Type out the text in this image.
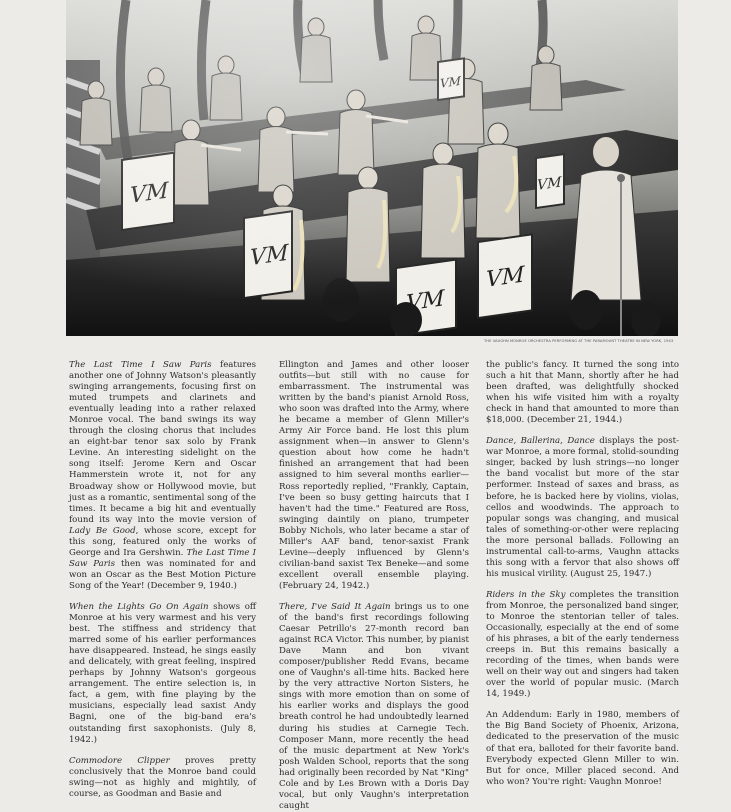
THE VAUGHN MONROE ORCHESTRA PERFORMING AT THE PARAMOUNT THEATRE IN NEW YORK, 1943

The Last Time I Saw Paris features another one of Johnny Watson's pleasantly swinging arrangements, focusing first on muted trumpets and clarinets and eventually leading into a rather relaxed Monroe vocal. The band swings its way through the closing chorus that includes an eight-bar tenor sax solo by Frank Levine. An interesting sidelight on the song itself: Jerome Kern and Oscar Hammerstein wrote it, not for any Broadway show or Hollywood movie, but just as a romantic, sentimental song of the times. It became a big hit and eventually found its way into the movie version of Lady Be Good, whose score, except for this song, featured only the works of George and Ira Gershwin. The Last Time I Saw Paris then was nominated for and won an Oscar as the Best Motion Picture Song of the Year! (December 9, 1940.)

When the Lights Go On Again shows off Monroe at his very warmest and his very best. The stiffness and stridency that marred some of his earlier performances have disappeared. Instead, he sings easily and delicately, with great feeling, inspired perhaps by Johnny Watson's gorgeous arrangement. The entire selection is, in fact, a gem, with fine playing by the musicians, especially lead saxist Andy Bagni, one of the big-band era's outstanding first saxophonists. (July 8, 1942.)

Commodore Clipper proves pretty conclusively that the Monroe band could swing—not as highly and mightily, of course, as Goodman and Basie and

Ellington and James and other looser outfits—but still with no cause for embarrassment. The instrumental was written by the band's pianist Arnold Ross, who soon was drafted into the Army, where he became a member of Glenn Miller's Army Air Force band. He lost this plum assignment when—in answer to Glenn's question about how come he hadn't finished an arrangement that had been assigned to him several months earlier—Ross reportedly replied, "Frankly, Captain, I've been so busy getting haircuts that I haven't had the time." Featured are Ross, swinging daintily on piano, trumpeter Bobby Nichols, who later became a star of Miller's AAF band, tenor-saxist Frank Levine—deeply influenced by Glenn's civilian-band saxist Tex Beneke—and some excellent overall ensemble playing. (February 24, 1942.)

There, I've Said It Again brings us to one of the band's first recordings following Caesar Petrillo's 27-month record ban against RCA Victor. This number, by pianist Dave Mann and bon vivant composer/publisher Redd Evans, became one of Vaughn's all-time hits. Backed here by the very attractive Norton Sisters, he sings with more emotion than on some of his earlier works and displays the good breath control he had undoubtedly learned during his studies at Carnegie Tech. Composer Mann, more recently the head of the music department at New York's posh Walden School, reports that the song had originally been recorded by Nat "King" Cole and by Les Brown with a Doris Day vocal, but only Vaughn's interpretation caught

the public's fancy. It turned the song into such a hit that Mann, shortly after he had been drafted, was delightfully shocked when his wife visited him with a royalty check in hand that amounted to more than $18,000. (December 21, 1944.)

Dance, Ballerina, Dance displays the post-war Monroe, a more formal, stolid-sounding singer, backed by lush strings—no longer the band vocalist but more of the star performer. Instead of saxes and brass, as before, he is backed here by violins, violas, cellos and woodwinds. The approach to popular songs was changing, and musical tales of something-or-other were replacing the more personal ballads. Following an instrumental call-to-arms, Vaughn attacks this song with a fervor that also shows off his musical virility. (August 25, 1947.)

Riders in the Sky completes the transition from Monroe, the personalized band singer, to Monroe the stentorian teller of tales. Occasionally, especially at the end of some of his phrases, a bit of the early tenderness creeps in. But this remains basically a recording of the times, when bands were well on their way out and singers had taken over the world of popular music. (March 14, 1949.)

An Addendum: Early in 1980, members of the Big Band Society of Phoenix, Arizona, dedicated to the preservation of the music of that era, balloted for their favorite band. Everybody expected Glenn Miller to win. But for once, Miller placed second. And who won? You're right: Vaughn Monroe!
